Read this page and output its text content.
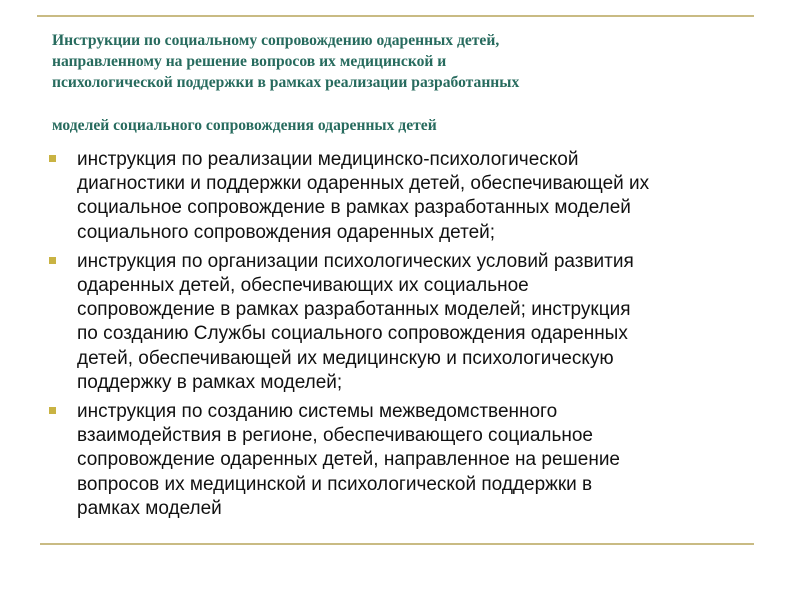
Инструкции по социальному сопровождению одаренных детей,
направленному на решение вопросов их медицинской и
психологической поддержки в рамках реализации разработанных
моделей социального сопровождения одаренных детей
инструкция по реализации медицинско-психологической
диагностики и поддержки одаренных детей, обеспечивающей их
социальное сопровождение в рамках разработанных моделей
социального сопровождения одаренных детей;
инструкция по организации психологических условий развития
одаренных детей, обеспечивающих их социальное
сопровождение в рамках разработанных моделей; инструкция
по созданию Службы социального сопровождения одаренных
детей, обеспечивающей их медицинскую и психологическую
поддержку в рамках моделей;
инструкция по созданию системы межведомственного
взаимодействия в регионе, обеспечивающего социальное
сопровождение одаренных детей, направленное на решение
вопросов их медицинской и психологической поддержки в
рамках моделей
